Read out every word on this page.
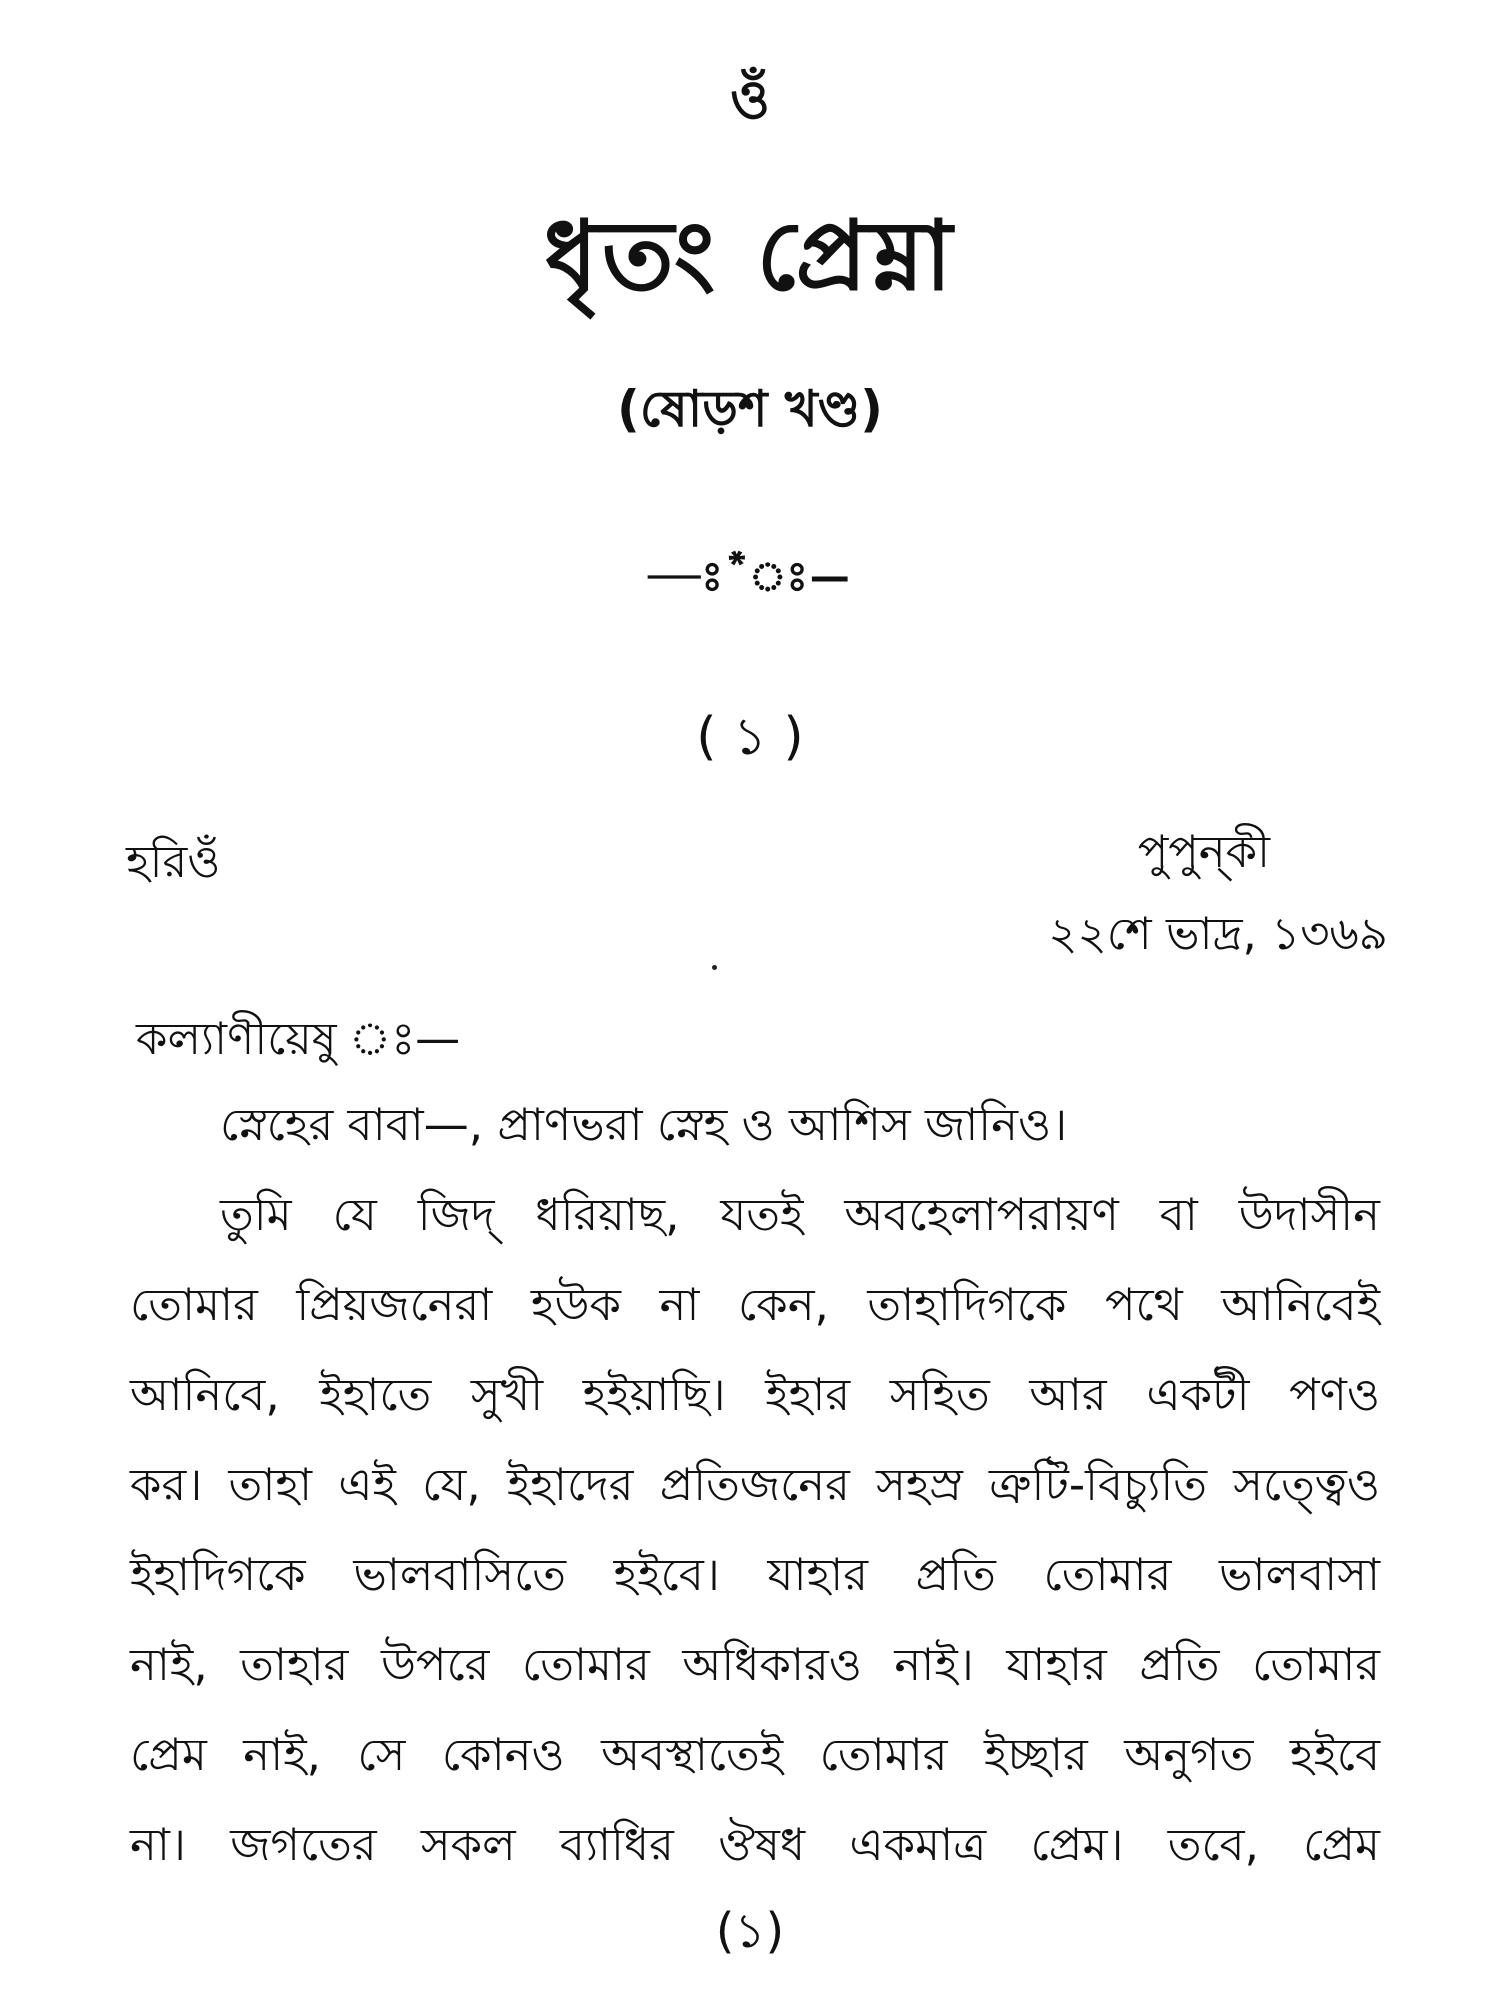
ওঁ
ধৃতং প্রেম্না
(ষোড়শ খণ্ড)
—ঃ*ঃ—
( ১ )
হরিওঁ	পুপুন্‌কী
২২শে ভাদ্র, ১৩৬৯
কল্যাণীয়েষু ঃ—
স্নেহের বাবা—, প্রাণভরা স্নেহ ও আশিস জানিও।
তুমি যে জিদ্‌ ধরিয়াছ, যতই অবহেলাপরায়ণ বা উদাসীন
তোমার প্রিয়জনেরা হউক না কেন, তাহাদিগকে পথে আনিবেই
আনিবে, ইহাতে সুখী হইয়াছি। ইহার সহিত আর একটী পণও
কর। তাহা এই যে, ইহাদের প্রতিজনের সহস্র ত্রুটি-বিচ্যুতি সত্ত্বেও
ইহাদিগকে ভালবাসিতে হইবে। যাহার প্রতি তোমার ভালবাসা
নাই, তাহার উপরে তোমার অধিকারও নাই। যাহার প্রতি তোমার
প্রেম নাই, সে কোনও অবস্থাতেই তোমার ইচ্ছার অনুগত হইবে
না। জগতের সকল ব্যাধির ঔষধ একমাত্র প্রেম। তবে, প্রেম
(১)
